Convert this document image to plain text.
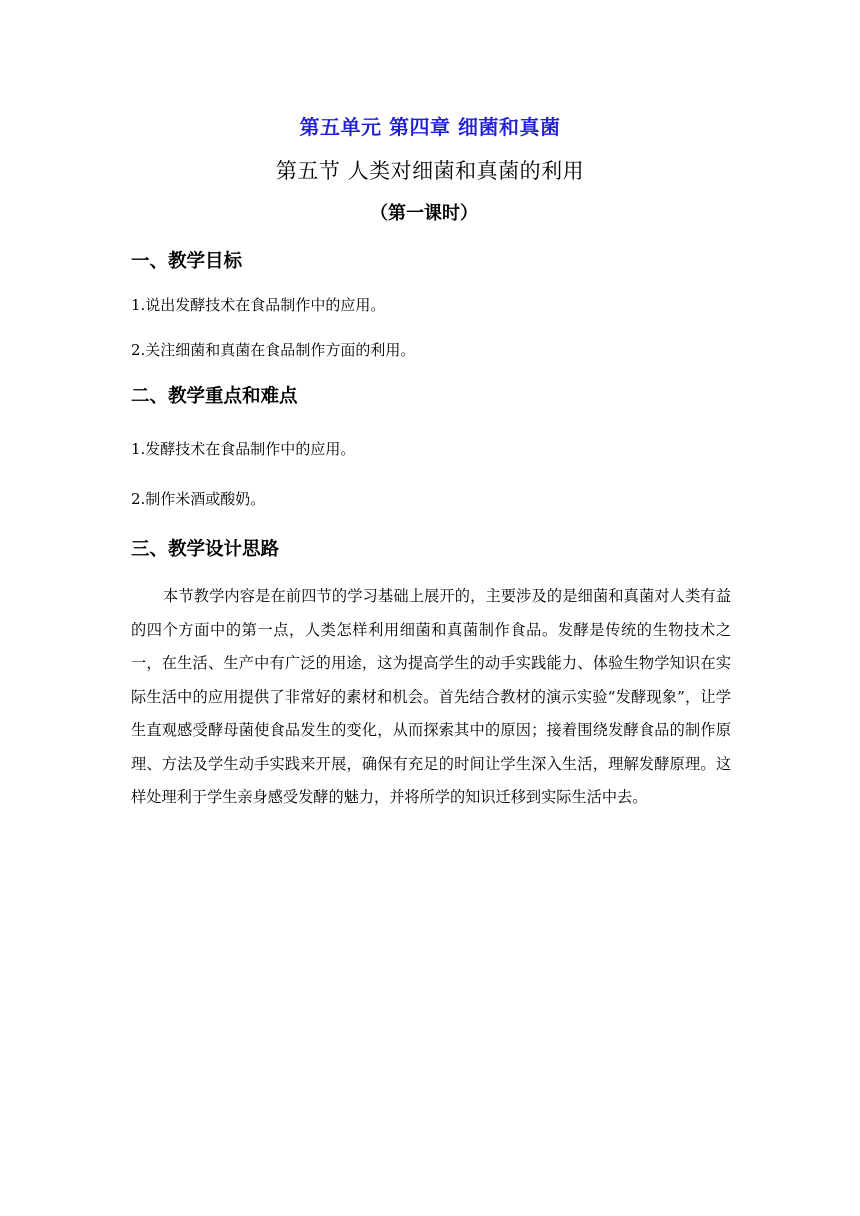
第五单元 第四章 细菌和真菌
第五节 人类对细菌和真菌的利用
（第一课时）
一、教学目标
1.说出发酵技术在食品制作中的应用。
2.关注细菌和真菌在食品制作方面的利用。
二、教学重点和难点
1.发酵技术在食品制作中的应用。
2.制作米酒或酸奶。
三、教学设计思路
本节教学内容是在前四节的学习基础上展开的，主要涉及的是细菌和真菌对人类有益的四个方面中的第一点，人类怎样利用细菌和真菌制作食品。发酵是传统的生物技术之一，在生活、生产中有广泛的用途，这为提高学生的动手实践能力、体验生物学知识在实际生活中的应用提供了非常好的素材和机会。首先结合教材的演示实验“发酵现象”，让学生直观感受酵母菌使食品发生的变化，从而探索其中的原因；接着围绕发酵食品的制作原理、方法及学生动手实践来开展，确保有充足的时间让学生深入生活，理解发酵原理。这样处理利于学生亲身感受发酵的魅力，并将所学的知识迁移到实际生活中去。
